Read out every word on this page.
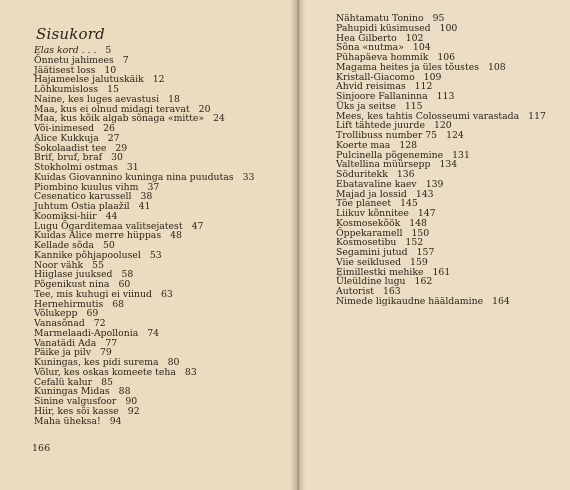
Sisukord
Elas kord . . . 5
Õnnetu jahimees 7
Jäätisest loss 10
Hajameelse jalutuskäik 12
Lõhkumisloss 15
Naine, kes luges aevastusi 18
Maa, kus ei olnud midagi teravat 20
Maa, kus kõik algab sõnaga «mitte» 24
Või-inimesed 26
Alice Kukkuja 27
Šokolaadist tee 29
Brif, bruf, braf 30
Stokholmi ostmas 31
Kuidas Giovannino kuninga nina puudutas 33
Piombino kuulus vihm 37
Cesenatico karussell 38
Juhtum Ostia plaažil 41
Koomiksi-hiir 44
Lugu Õgarditemaa valitsejatest 47
Kuidas Alice merre hüppas 48
Kellade sõda 50
Kannike põhjapoolusel 53
Noor vähk 55
Hiiglase juuksed 58
Põgenikust nina 60
Tee, mis kuhugi ei viinud 63
Hernehirmutis 68
Võlukepp 69
Vanasõnad 72
Marmelaadi-Apollonia 74
Vanatädi Ada 77
Päike ja pilv 79
Kuningas, kes pidi surema 80
Võlur, kes oskas komeete teha 83
Cefalü kalur 85
Kuningas Midas 88
Sinine valgusfoor 90
Hiir, kes sõi kasse 92
Maha üheksa! 94
166
Nähtamatu Tonino 95
Pahupidi küsimused 100
Hea Gilberto 102
Sõna «nutma» 104
Pühapäeva hommik 106
Magama heites ja üles tõustes 108
Kristall-Giacomo 109
Ahvid reisimas 112
Sinjoore Fallaninna 113
Üks ja seitse 115
Mees, kes tahtis Colosseumi varastada 117
Lift tähtede juurde 120
Trollibuss number 75 124
Koerte maa 128
Pulcinella põgenemine 131
Valtellina müürsepp 134
Söduritekk 136
Ebatavaline kaev 139
Majad ja lossid 143
Tõe planeet 145
Liikuv kõnnitee 147
Kosmosekõök 148
Õppekaramell 150
Kosmosetibu 152
Segamini jutud 157
Viie seiklused 159
Eimillestki mehike 161
Üleüldine lugu 162
Autorist 163
Nimede ligikaudne hääldamine 164
